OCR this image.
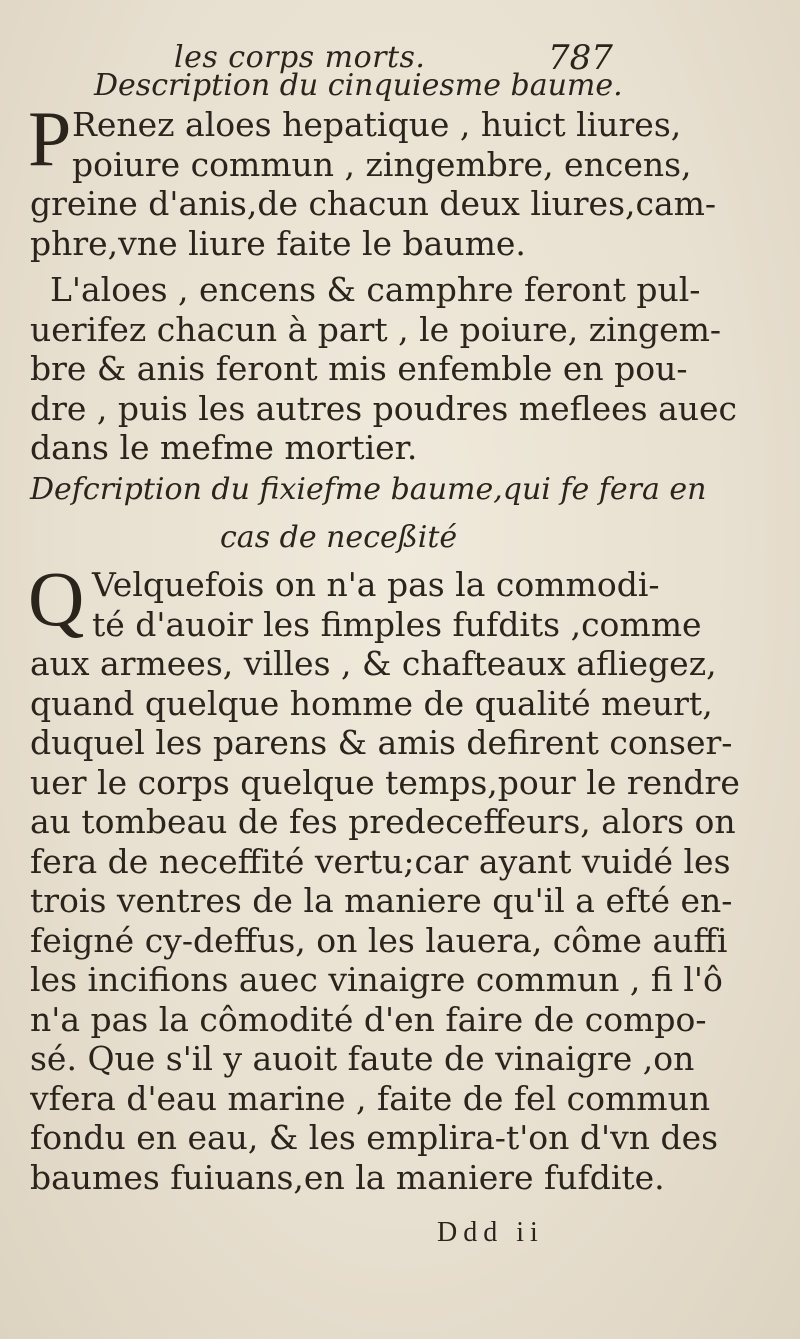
les corps morts.	787
Description du cinquiesme baume.
P Renez aloes hepatique , huict liures,
poiure commun , zingembre, encens,
greine d'anis,de chacun deux liures,cam-
phre,vne liure faite le baume.
L'aloes , encens & camphre feront pul-
uerifez chacun à part , le poiure, zingem-
bre & anis feront mis enfemble en pou-
dre , puis les autres poudres meflees auec
dans le mefme mortier.
Defcription du fixiefme baume,qui fe fera en
cas de neceßité
Q Velquefois on n'a pas la commodi-
té d'auoir les fimples fufdits ,comme
aux armees, villes , & chafteaux afliegez,
quand quelque homme de qualité meurt,
duquel les parens & amis defirent conser-
uer le corps quelque temps,pour le rendre
au tombeau de fes predeceffeurs, alors on
fera de neceffité vertu;car ayant vuidé les
trois ventres de la maniere qu'il a efté en-
feigné cy-deffus, on les lauera, côme auffi
les incifions auec vinaigre commun , fi l'ô
n'a pas la cômodité d'en faire de compo-
sé. Que s'il y auoit faute de vinaigre ,on
vfera d'eau marine , faite de fel commun
fondu en eau, & les emplira-t'on d'vn des
baumes fuiuans,en la maniere fufdite.
Ddd ii
